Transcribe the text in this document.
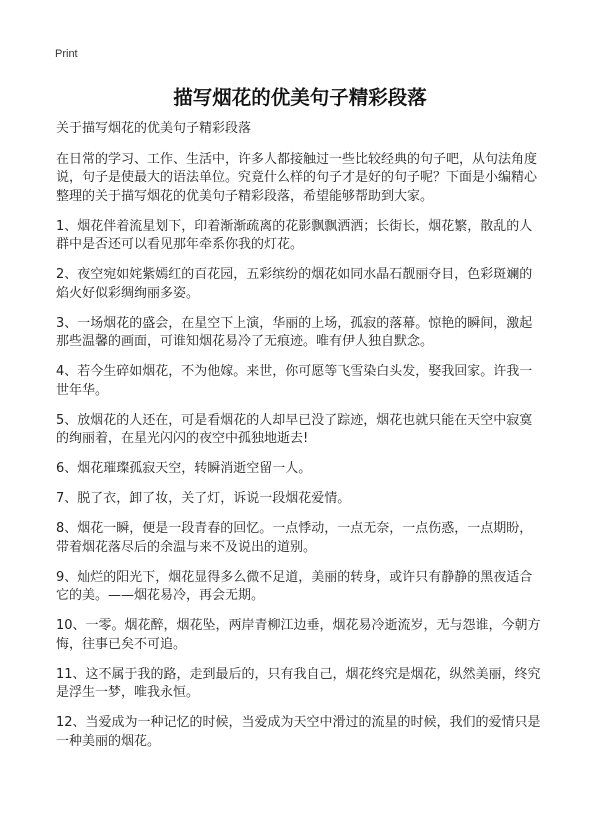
Print
描写烟花的优美句子精彩段落
关于描写烟花的优美句子精彩段落

在日常的学习、工作、生活中，许多人都接触过一些比较经典的句子吧，从句法角度说，句子是使最大的语法单位。究竟什么样的句子才是好的句子呢？下面是小编精心整理的关于描写烟花的优美句子精彩段落，希望能够帮助到大家。

1、烟花伴着流星划下，印着渐渐疏离的花影飘飘洒洒；长街长，烟花繁，散乱的人群中是否还可以看见那年牵系你我的灯花。

2、夜空宛如姹紫嫣红的百花园，五彩缤纷的烟花如同水晶石靓丽夺目，色彩斑斓的焰火好似彩绸绚丽多姿。

3、一场烟花的盛会，在星空下上演，华丽的上场，孤寂的落幕。惊艳的瞬间，激起那些温馨的画面，可谁知烟花易冷了无痕迹。唯有伊人独自默念。

4、若今生碎如烟花，不为他嫁。来世，你可愿等飞雪染白头发，娶我回家。许我一世年华。

5、放烟花的人还在，可是看烟花的人却早已没了踪迹，烟花也就只能在天空中寂寞的绚丽着，在星光闪闪的夜空中孤独地逝去!

6、烟花璀璨孤寂天空，转瞬消逝空留一人。

7、脱了衣，卸了妆，关了灯，诉说一段烟花爱情。

8、烟花一瞬，便是一段青春的回忆。一点悸动，一点无奈，一点伤惑，一点期盼，带着烟花落尽后的余温与来不及说出的道别。

9、灿烂的阳光下，烟花显得多么微不足道，美丽的转身，或许只有静静的黑夜适合它的美。——烟花易冷，再会无期。

10、一零。烟花醉，烟花坠，两岸青柳江边垂，烟花易冷逝流岁，无与怨谁，今朝方悔，往事已矣不可追。

11、这不属于我的路，走到最后的，只有我自己，烟花终究是烟花，纵然美丽，终究是浮生一梦，唯我永恒。

12、当爱成为一种记忆的时候，当爱成为天空中滑过的流星的时候，我们的爱情只是一种美丽的烟花。
